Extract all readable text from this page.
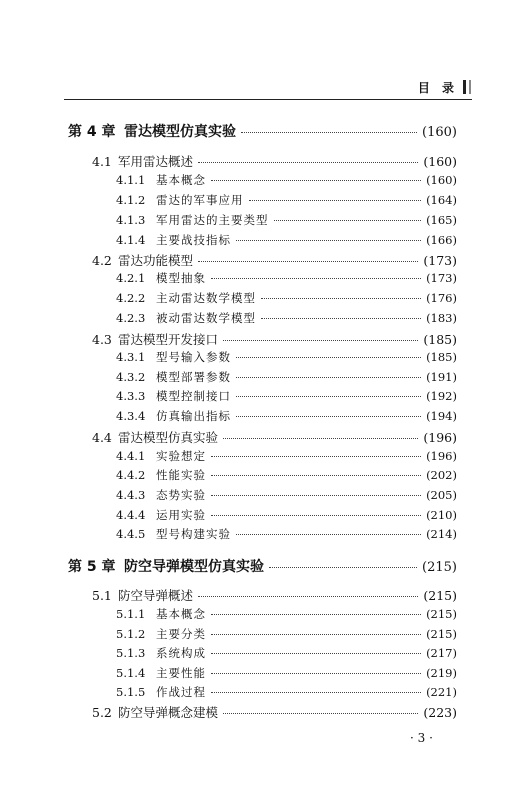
目 录
第 4 章 雷达模型仿真实验	(160)
4.1 军用雷达概述	(160)
4.1.1 基本概念	(160)
4.1.2 雷达的军事应用	(164)
4.1.3 军用雷达的主要类型	(165)
4.1.4 主要战技指标	(166)
4.2 雷达功能模型	(173)
4.2.1 模型抽象	(173)
4.2.2 主动雷达数学模型	(176)
4.2.3 被动雷达数学模型	(183)
4.3 雷达模型开发接口	(185)
4.3.1 型号输入参数	(185)
4.3.2 模型部署参数	(191)
4.3.3 模型控制接口	(192)
4.3.4 仿真输出指标	(194)
4.4 雷达模型仿真实验	(196)
4.4.1 实验想定	(196)
4.4.2 性能实验	(202)
4.4.3 态势实验	(205)
4.4.4 运用实验	(210)
4.4.5 型号构建实验	(214)
第 5 章 防空导弹模型仿真实验	(215)
5.1 防空导弹概述	(215)
5.1.1 基本概念	(215)
5.1.2 主要分类	(215)
5.1.3 系统构成	(217)
5.1.4 主要性能	(219)
5.1.5 作战过程	(221)
5.2 防空导弹概念建模	(223)
· 3 ·
